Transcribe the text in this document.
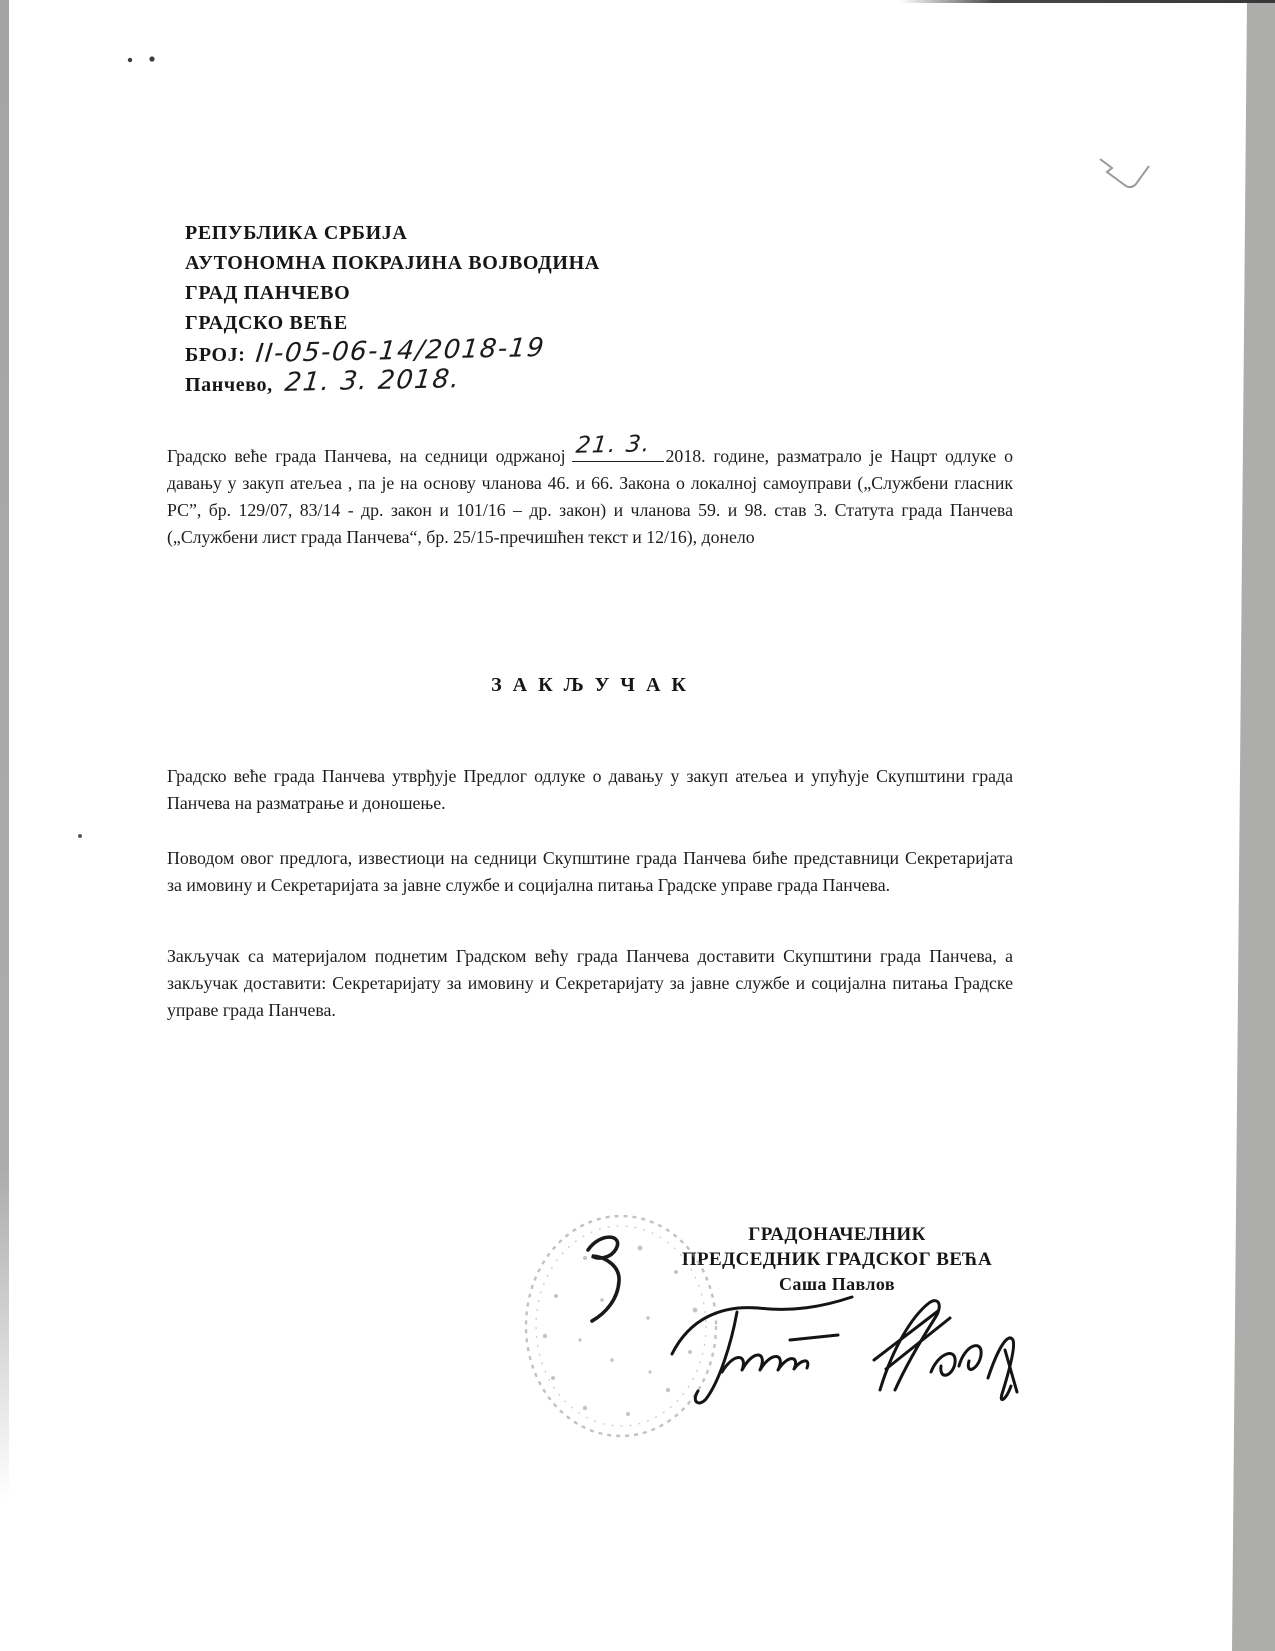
РЕПУБЛИКА СРБИЈА
АУТОНОМНА ПОКРАЈИНА ВОЈВОДИНА
ГРАД ПАНЧЕВО
ГРАДСКО ВЕЋЕ
БРОЈ: II-05-06-14/2018-19
Панчево, 21. 3. 2018.

Градско веће града Панчева, на седници одржаној 21. 3. 2018. године, разматрало је Нацрт одлуке о давању у закуп атељеа , па је на основу чланова 46. и 66. Закона о локалној самоуправи („Службени гласник РС”, бр. 129/07, 83/14 - др. закон и 101/16 – др. закон) и чланова 59. и 98. став 3. Статута града Панчева („Службени лист града Панчева“, бр. 25/15-пречишћен текст и 12/16), донело

З А К Љ У Ч А К

Градско веће града Панчева утврђује Предлог одлуке о давању у закуп атељеа и упућује Скупштини града Панчева на разматрање и доношење.

Поводом овог предлога, известиоци на седници Скупштине града Панчева биће представници Секретаријата за имовину и Секретаријата за јавне службе и социјална питања Градске управе града Панчева.

Закључак са материјалом поднетим Градском већу града Панчева доставити Скупштини града Панчева, а закључак доставити: Секретаријату за имовину и Секретаријату за јавне службе и социјална питања Градске управе града Панчева.

ГРАДОНАЧЕЛНИК
ПРЕДСЕДНИК ГРАДСКОГ ВЕЋА
Саша Павлов
